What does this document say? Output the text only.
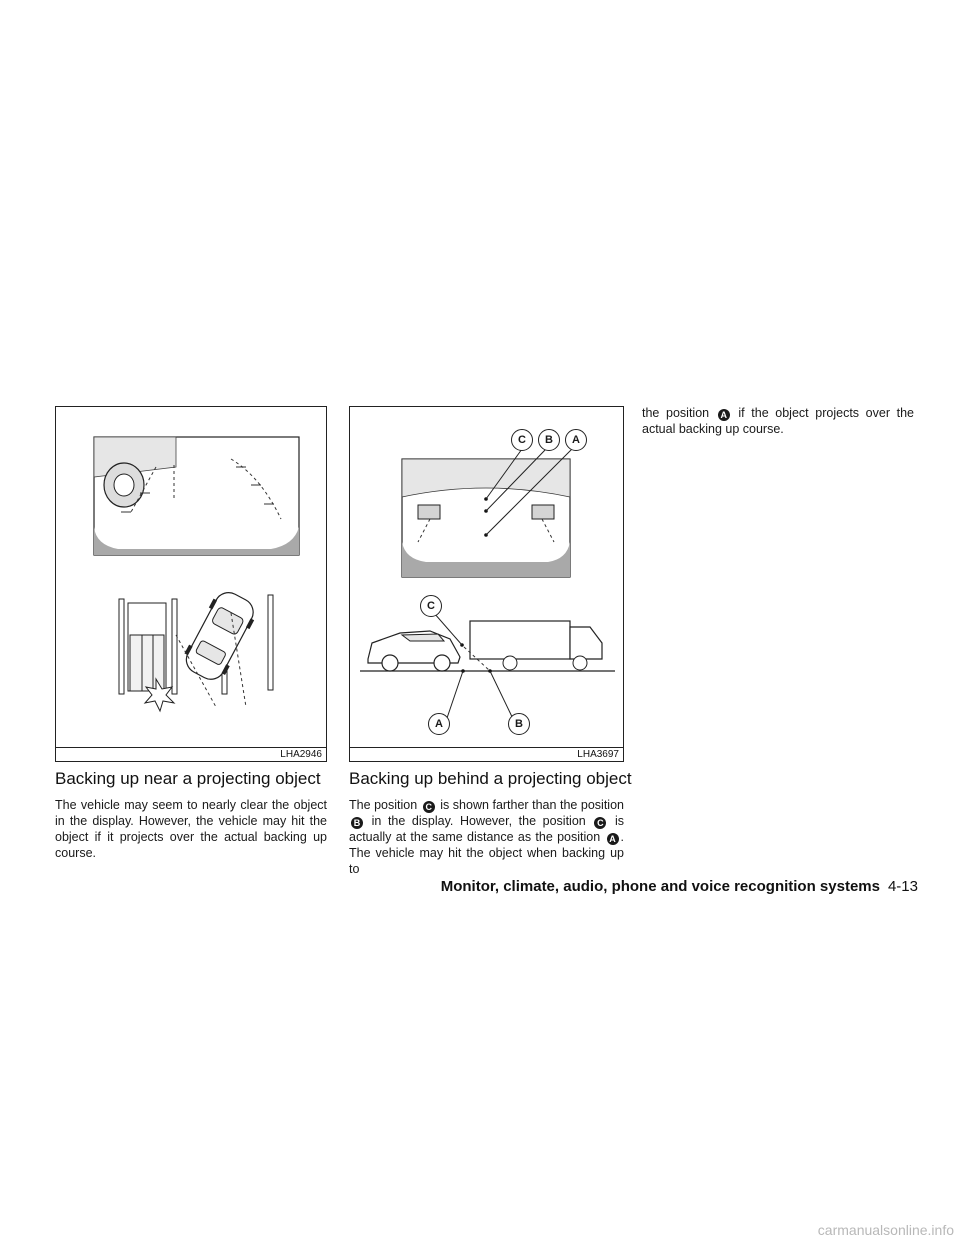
LHA2946
C	B	A
C
A	B
LHA3697
Backing up near a projecting object

The vehicle may seem to nearly clear the object in the display. However, the vehicle may hit the object if it projects over the actual backing up course.

Backing up behind a projecting object

The position C is shown farther than the position B in the display. However, the position C is actually at the same distance as the position A . The vehicle may hit the object when backing up to

the position A if the object projects over the actual backing up course.

Monitor, climate, audio, phone and voice recognition systems 4-13
carmanualsonline.info
